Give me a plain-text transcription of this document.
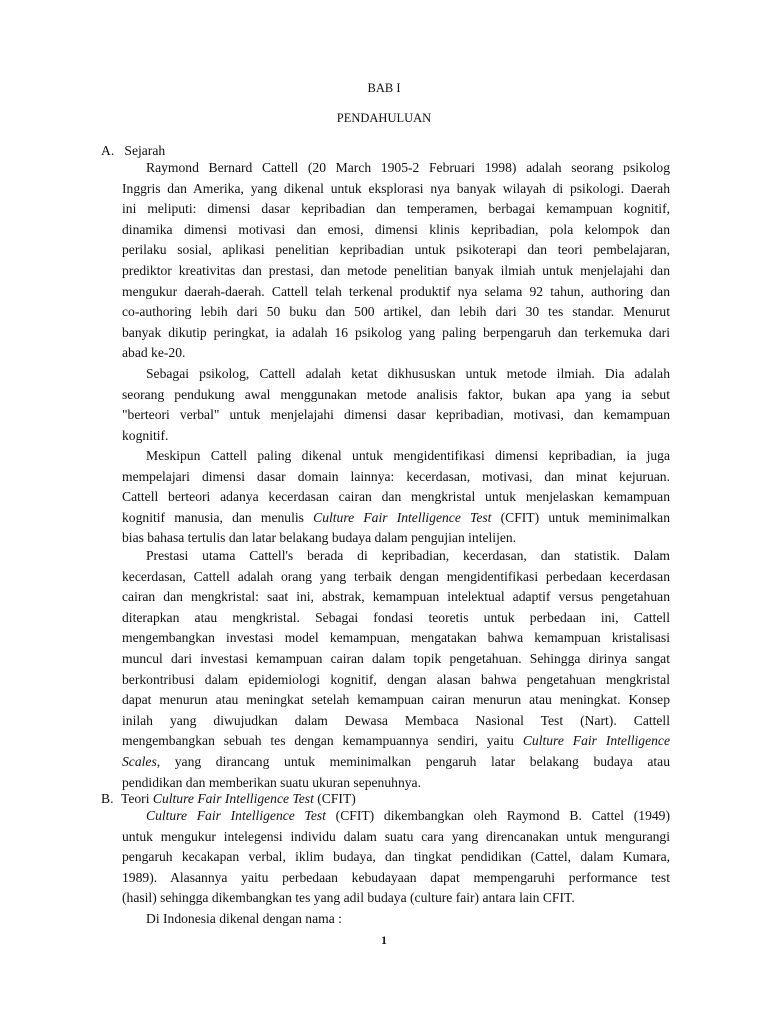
BAB I
PENDAHULUAN
A. Sejarah
Raymond Bernard Cattell (20 March 1905-2 Februari 1998) adalah seorang psikolog
Inggris dan Amerika, yang dikenal untuk eksplorasi nya banyak wilayah di psikologi. Daerah
ini meliputi: dimensi dasar kepribadian dan temperamen, berbagai kemampuan kognitif,
dinamika dimensi motivasi dan emosi, dimensi klinis kepribadian, pola kelompok dan
perilaku sosial, aplikasi penelitian kepribadian untuk psikoterapi dan teori pembelajaran,
prediktor kreativitas dan prestasi, dan metode penelitian banyak ilmiah untuk menjelajahi dan
mengukur daerah-daerah. Cattell telah terkenal produktif nya selama 92 tahun, authoring dan
co-authoring lebih dari 50 buku dan 500 artikel, dan lebih dari 30 tes standar. Menurut
banyak dikutip peringkat, ia adalah 16 psikolog yang paling berpengaruh dan terkemuka dari
abad ke-20.
Sebagai psikolog, Cattell adalah ketat dikhususkan untuk metode ilmiah. Dia adalah
seorang pendukung awal menggunakan metode analisis faktor, bukan apa yang ia sebut
"berteori verbal" untuk menjelajahi dimensi dasar kepribadian, motivasi, dan kemampuan
kognitif.
Meskipun Cattell paling dikenal untuk mengidentifikasi dimensi kepribadian, ia juga
mempelajari dimensi dasar domain lainnya: kecerdasan, motivasi, dan minat kejuruan.
Cattell berteori adanya kecerdasan cairan dan mengkristal untuk menjelaskan kemampuan
kognitif manusia, dan menulis Culture Fair Intelligence Test (CFIT) untuk meminimalkan
bias bahasa tertulis dan latar belakang budaya dalam pengujian intelijen.
Prestasi utama Cattell's berada di kepribadian, kecerdasan, dan statistik. Dalam
kecerdasan, Cattell adalah orang yang terbaik dengan mengidentifikasi perbedaan kecerdasan
cairan dan mengkristal: saat ini, abstrak, kemampuan intelektual adaptif versus pengetahuan
diterapkan atau mengkristal. Sebagai fondasi teoretis untuk perbedaan ini, Cattell
mengembangkan investasi model kemampuan, mengatakan bahwa kemampuan kristalisasi
muncul dari investasi kemampuan cairan dalam topik pengetahuan. Sehingga dirinya sangat
berkontribusi dalam epidemiologi kognitif, dengan alasan bahwa pengetahuan mengkristal
dapat menurun atau meningkat setelah kemampuan cairan menurun atau meningkat. Konsep
inilah yang diwujudkan dalam Dewasa Membaca Nasional Test (Nart). Cattell
mengembangkan sebuah tes dengan kemampuannya sendiri, yaitu Culture Fair Intelligence
Scales, yang dirancang untuk meminimalkan pengaruh latar belakang budaya atau
pendidikan dan memberikan suatu ukuran sepenuhnya.
B. Teori Culture Fair Intelligence Test (CFIT)
Culture Fair Intelligence Test (CFIT) dikembangkan oleh Raymond B. Cattel (1949)
untuk mengukur intelegensi individu dalam suatu cara yang direncanakan untuk mengurangi
pengaruh kecakapan verbal, iklim budaya, dan tingkat pendidikan (Cattel, dalam Kumara,
1989). Alasannya yaitu perbedaan kebudayaan dapat mempengaruhi performance test
(hasil) sehingga dikembangkan tes yang adil budaya (culture fair) antara lain CFIT.
Di Indonesia dikenal dengan nama :
1
